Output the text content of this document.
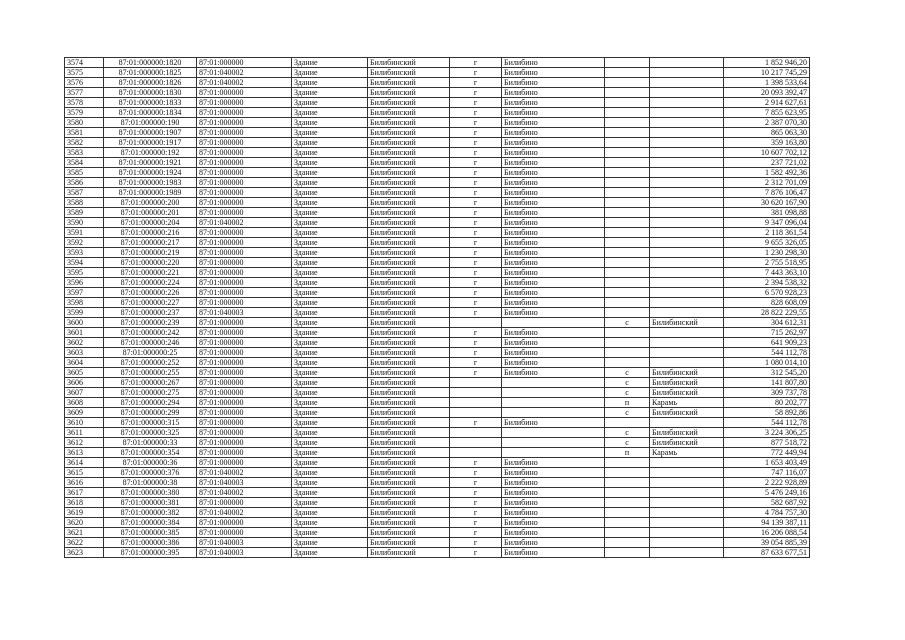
3574	87:01:000000:1820	87:01:000000	Здание	Билибинский	г	Билибино			1 852 946,20
3575	87:01:000000:1825	87:01:040002	Здание	Билибинский	г	Билибино			10 217 745,29
3576	87:01:000000:1826	87:01:040002	Здание	Билибинский	г	Билибино			1 398 533,64
3577	87:01:000000:1830	87:01:000000	Здание	Билибинский	г	Билибино			20 093 392,47
3578	87:01:000000:1833	87:01:000000	Здание	Билибинский	г	Билибино			2 914 627,61
3579	87:01:000000:1834	87:01:000000	Здание	Билибинский	г	Билибино			7 855 623,95
3580	87:01:000000:190	87:01:000000	Здание	Билибинский	г	Билибино			2 387 070,30
3581	87:01:000000:1907	87:01:000000	Здание	Билибинский	г	Билибино			865 063,30
3582	87:01:000000:1917	87:01:000000	Здание	Билибинский	г	Билибино			359 163,80
3583	87:01:000000:192	87:01:000000	Здание	Билибинский	г	Билибино			10 607 702,12
3584	87:01:000000:1921	87:01:000000	Здание	Билибинский	г	Билибино			237 721,02
3585	87:01:000000:1924	87:01:000000	Здание	Билибинский	г	Билибино			1 582 492,36
3586	87:01:000000:1983	87:01:000000	Здание	Билибинский	г	Билибино			2 312 701,09
3587	87:01:000000:1989	87:01:000000	Здание	Билибинский	г	Билибино			7 876 106,47
3588	87:01:000000:200	87:01:000000	Здание	Билибинский	г	Билибино			30 620 167,90
3589	87:01:000000:201	87:01:000000	Здание	Билибинский	г	Билибино			381 098,88
3590	87:01:000000:204	87:01:040002	Здание	Билибинский	г	Билибино			9 347 096,04
3591	87:01:000000:216	87:01:000000	Здание	Билибинский	г	Билибино			2 118 361,54
3592	87:01:000000:217	87:01:000000	Здание	Билибинский	г	Билибино			9 655 326,05
3593	87:01:000000:219	87:01:000000	Здание	Билибинский	г	Билибино			1 230 298,30
3594	87:01:000000:220	87:01:000000	Здание	Билибинский	г	Билибино			2 755 518,95
3595	87:01:000000:221	87:01:000000	Здание	Билибинский	г	Билибино			7 443 363,10
3596	87:01:000000:224	87:01:000000	Здание	Билибинский	г	Билибино			2 394 538,32
3597	87:01:000000:226	87:01:000000	Здание	Билибинский	г	Билибино			6 570 928,23
3598	87:01:000000:227	87:01:000000	Здание	Билибинский	г	Билибино			828 608,09
3599	87:01:000000:237	87:01:040003	Здание	Билибинский	г	Билибино			28 822 229,55
3600	87:01:000000:239	87:01:000000	Здание	Билибинский			с	Билибинский	304 612,31
3601	87:01:000000:242	87:01:000000	Здание	Билибинский	г	Билибино			715 262,97
3602	87:01:000000:246	87:01:000000	Здание	Билибинский	г	Билибино			641 909,23
3603	87:01:000000:25	87:01:000000	Здание	Билибинский	г	Билибино			544 112,78
3604	87:01:000000:252	87:01:000000	Здание	Билибинский	г	Билибино			1 080 014,10
3605	87:01:000000:255	87:01:000000	Здание	Билибинский	г	Билибино	с	Билибинский	312 545,20
3606	87:01:000000:267	87:01:000000	Здание	Билибинский			с	Билибинский	141 807,80
3607	87:01:000000:275	87:01:000000	Здание	Билибинский			с	Билибинский	309 737,78
3608	87:01:000000:294	87:01:000000	Здание	Билибинский			п	Карамь	80 202,77
3609	87:01:000000:299	87:01:000000	Здание	Билибинский			с	Билибинский	58 892,86
3610	87:01:000000:315	87:01:000000	Здание	Билибинский	г	Билибино			544 112,78
3611	87:01:000000:325	87:01:000000	Здание	Билибинский			с	Билибинский	3 224 306,25
3612	87:01:000000:33	87:01:000000	Здание	Билибинский			с	Билибинский	877 518,72
3613	87:01:000000:354	87:01:000000	Здание	Билибинский			п	Карамь	772 449,94
3614	87:01:000000:36	87:01:000000	Здание	Билибинский	г	Билибино			1 653 403,49
3615	87:01:000000:376	87:01:040002	Здание	Билибинский	г	Билибино			747 116,07
3616	87:01:000000:38	87:01:040003	Здание	Билибинский	г	Билибино			2 222 928,89
3617	87:01:000000:380	87:01:040002	Здание	Билибинский	г	Билибино			5 476 249,16
3618	87:01:000000:381	87:01:000000	Здание	Билибинский	г	Билибино			582 687,92
3619	87:01:000000:382	87:01:040002	Здание	Билибинский	г	Билибино			4 784 757,30
3620	87:01:000000:384	87:01:000000	Здание	Билибинский	г	Билибино			94 139 387,11
3621	87:01:000000:385	87:01:000000	Здание	Билибинский	г	Билибино			16 206 088,54
3622	87:01:000000:386	87:01:040003	Здание	Билибинский	г	Билибино			39 054 885,39
3623	87:01:000000:395	87:01:040003	Здание	Билибинский	г	Билибино			87 633 677,51
